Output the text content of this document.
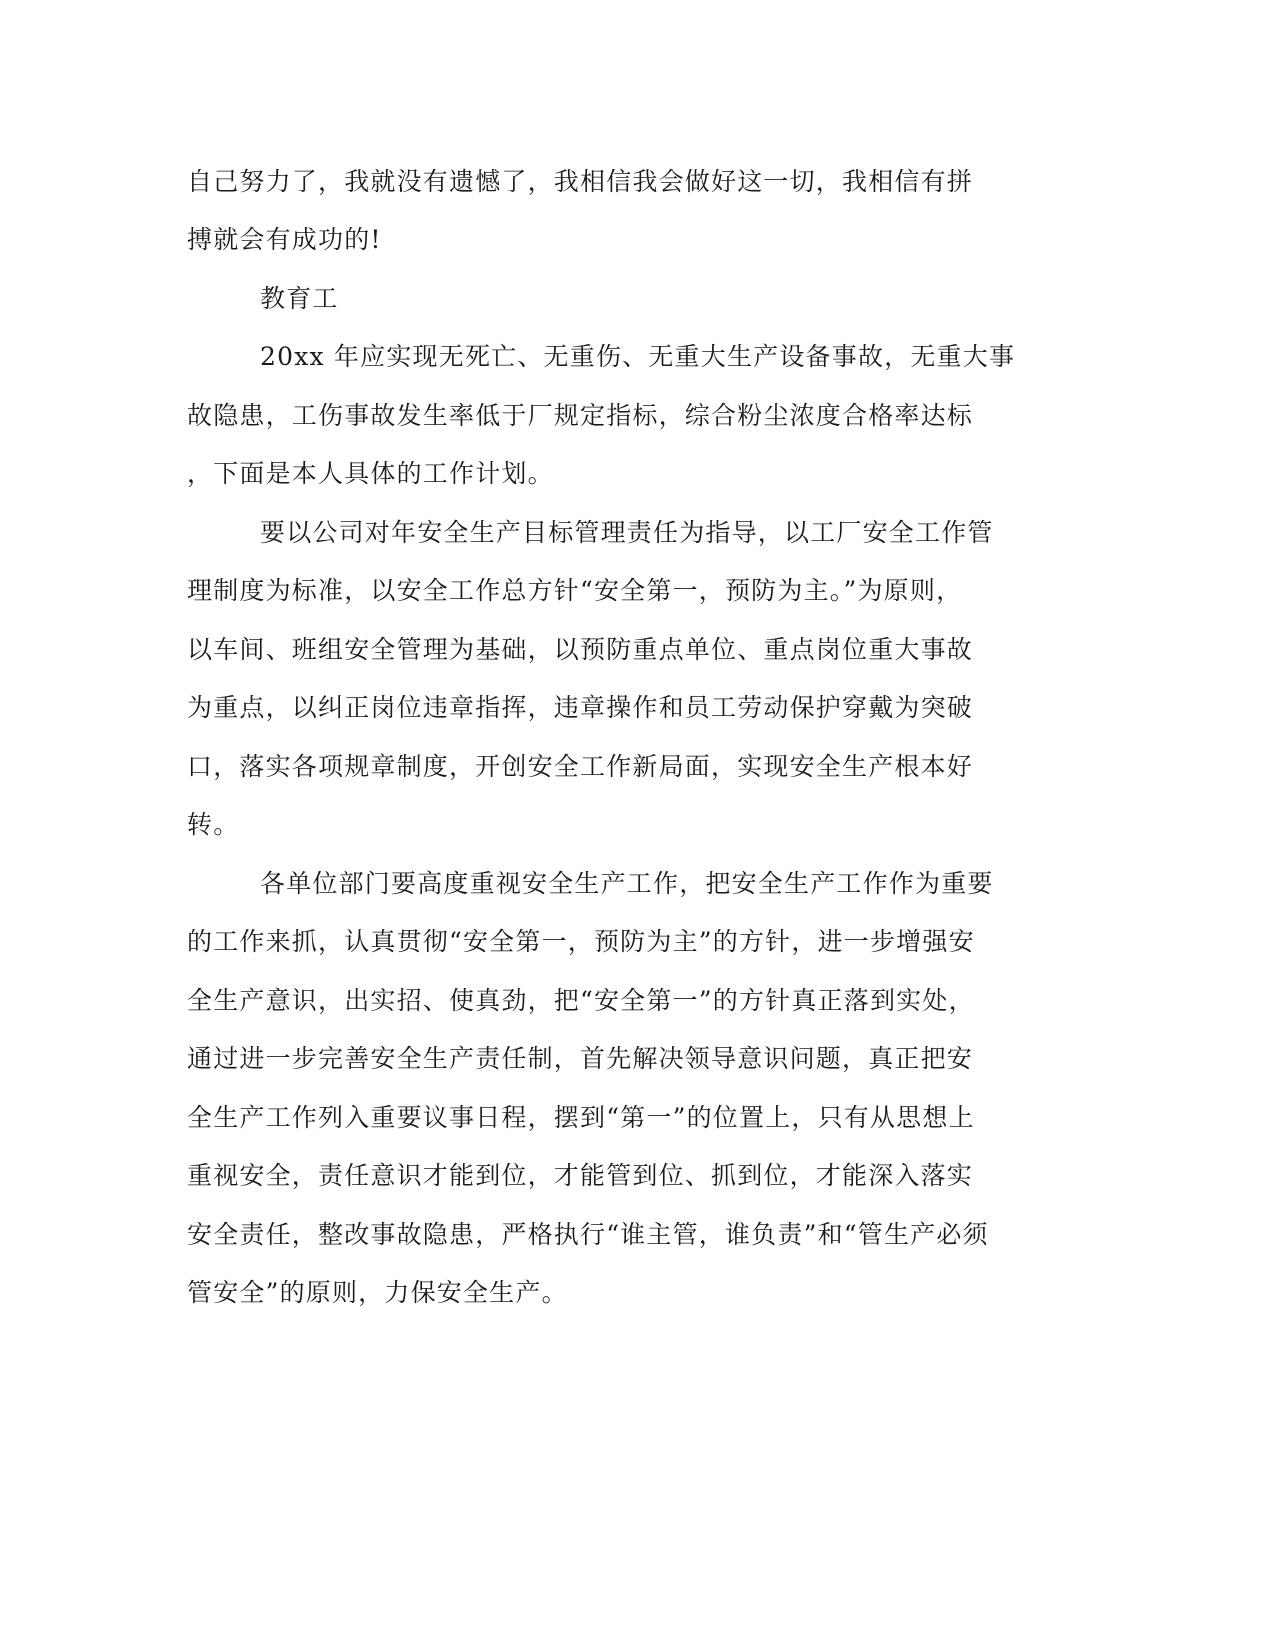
自己努力了，我就没有遗憾了，我相信我会做好这一切，我相信有拼
搏就会有成功的!
教育工
20xx 年应实现无死亡、无重伤、无重大生产设备事故，无重大事
故隐患，工伤事故发生率低于厂规定指标，综合粉尘浓度合格率达标
，下面是本人具体的工作计划。
要以公司对年安全生产目标管理责任为指导，以工厂安全工作管
理制度为标准，以安全工作总方针“安全第一，预防为主。”为原则，
以车间、班组安全管理为基础，以预防重点单位、重点岗位重大事故
为重点，以纠正岗位违章指挥，违章操作和员工劳动保护穿戴为突破
口，落实各项规章制度，开创安全工作新局面，实现安全生产根本好
转。
各单位部门要高度重视安全生产工作，把安全生产工作作为重要
的工作来抓，认真贯彻“安全第一，预防为主”的方针，进一步增强安
全生产意识，出实招、使真劲，把“安全第一”的方针真正落到实处，
通过进一步完善安全生产责任制，首先解决领导意识问题，真正把安
全生产工作列入重要议事日程，摆到“第一”的位置上，只有从思想上
重视安全，责任意识才能到位，才能管到位、抓到位，才能深入落实
安全责任，整改事故隐患，严格执行“谁主管，谁负责”和“管生产必须
管安全”的原则，力保安全生产。
